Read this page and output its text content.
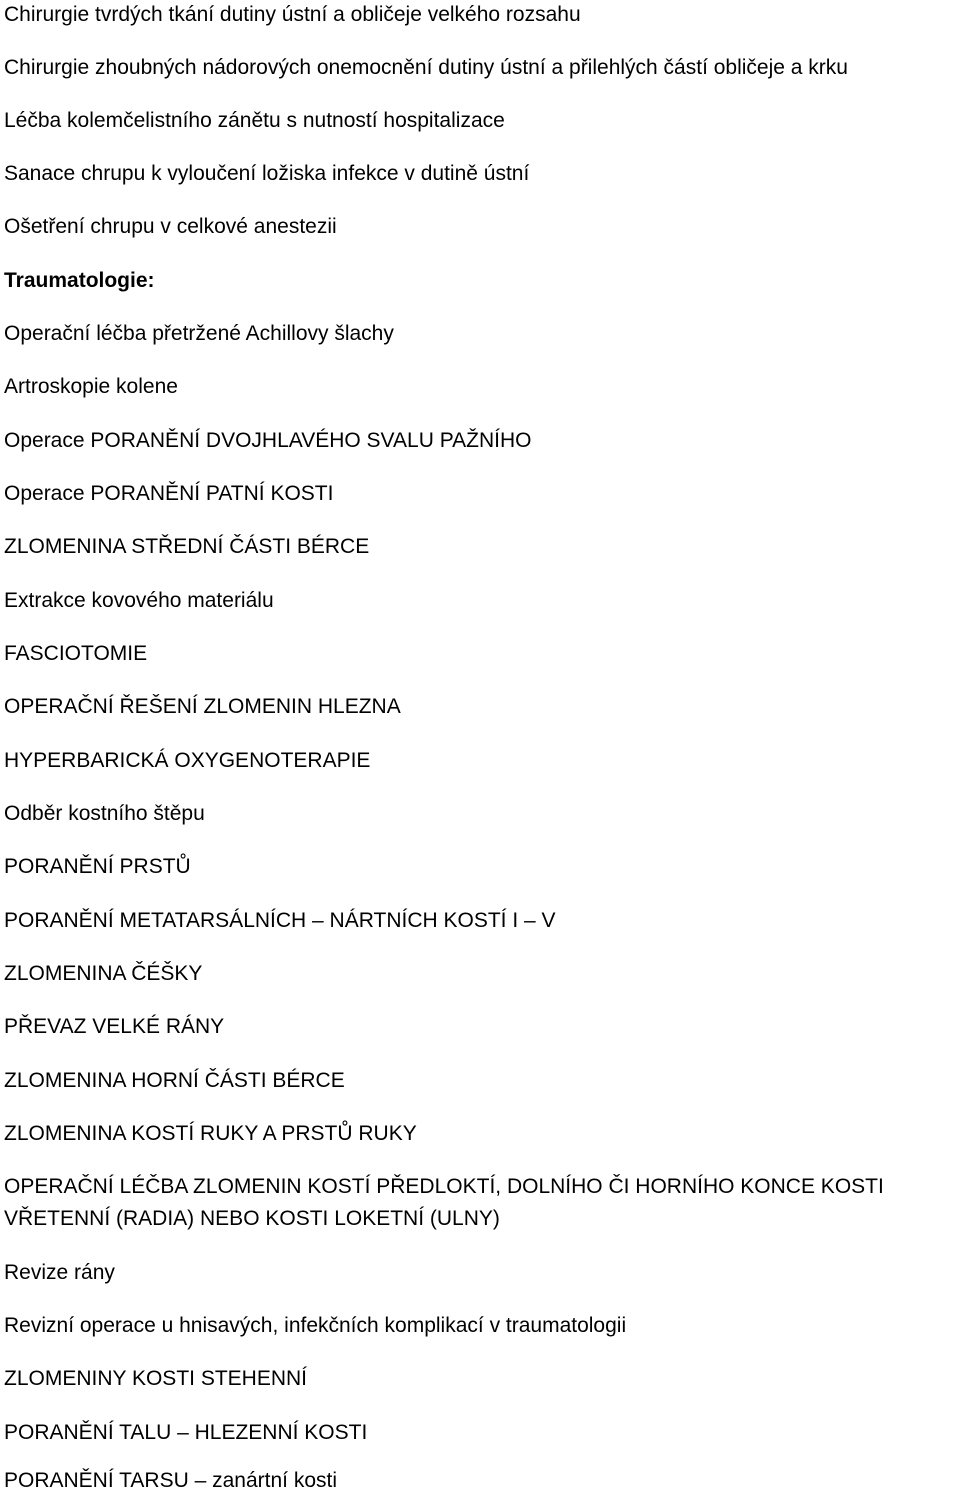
Chirurgie tvrdých tkání dutiny ústní a obličeje velkého rozsahu
Chirurgie zhoubných nádorových onemocnění dutiny ústní a přilehlých částí obličeje a krku
Léčba kolemčelistního zánětu s nutností hospitalizace
Sanace chrupu k vyloučení ložiska infekce v dutině ústní
Ošetření chrupu v celkové anestezii
Traumatologie:
Operační léčba přetržené Achillovy šlachy
Artroskopie kolene
Operace PORANĚNÍ DVOJHLAVÉHO SVALU PAŽNÍHO
Operace PORANĚNÍ PATNÍ KOSTI
ZLOMENINA STŘEDNÍ ČÁSTI BÉRCE
Extrakce kovového materiálu
FASCIOTOMIE
OPERAČNÍ ŘEŠENÍ ZLOMENIN HLEZNA
HYPERBARICKÁ OXYGENOTERAPIE
Odběr kostního štěpu
PORANĚNÍ PRSTŮ
PORANĚNÍ METATARSÁLNÍCH – NÁRTNÍCH KOSTÍ I – V
ZLOMENINA ČÉŠKY
PŘEVAZ VELKÉ RÁNY
ZLOMENINA HORNÍ ČÁSTI BÉRCE
ZLOMENINA KOSTÍ RUKY A PRSTŮ RUKY
OPERAČNÍ LÉČBA ZLOMENIN KOSTÍ PŘEDLOKTÍ, DOLNÍHO ČI HORNÍHO KONCE KOSTI
VŘETENNÍ (RADIA) NEBO KOSTI LOKETNÍ (ULNY)
Revize rány
Revizní operace u hnisavých, infekčních komplikací v traumatologii
ZLOMENINY KOSTI STEHENNÍ
PORANĚNÍ TALU – HLEZENNÍ KOSTI
PORANĚNÍ TARSU – zanártní kosti
